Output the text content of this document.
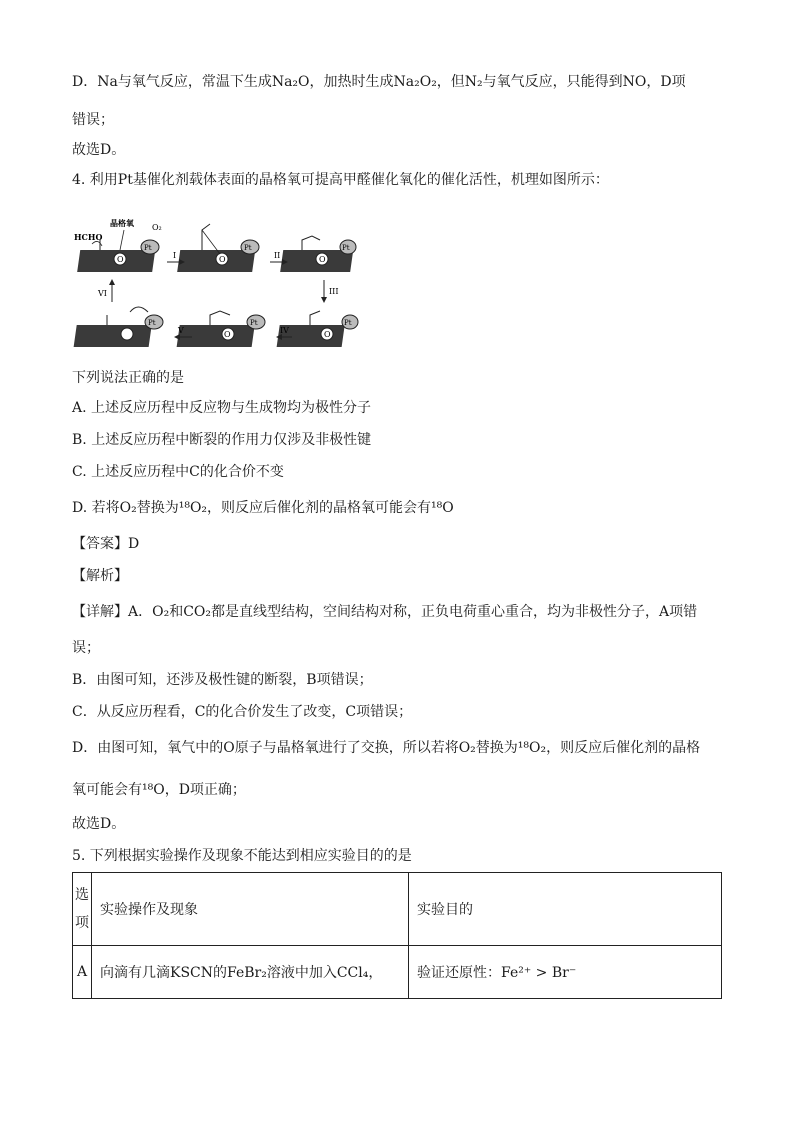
D．Na与氧气反应，常温下生成Na₂O，加热时生成Na₂O₂，但N₂与氧气反应，只能得到NO，D项
错误；
故选D。
4. 利用Pt基催化剂载体表面的晶格氧可提高甲醛催化氧化的催化活性，机理如图所示：
O	O	O
O	O
Pt	Pt	Pt
Pt	Pt	Pt
HCHO
晶格氧 O₂
I	II
III
IV
V
VI
下列说法正确的是
A. 上述反应历程中反应物与生成物均为极性分子
B. 上述反应历程中断裂的作用力仅涉及非极性键
C. 上述反应历程中C的化合价不变
D. 若将O₂替换为¹⁸O₂，则反应后催化剂的晶格氧可能会有¹⁸O
【答案】D
【解析】
【详解】A．O₂和CO₂都是直线型结构，空间结构对称，正负电荷重心重合，均为非极性分子，A项错
误；
B．由图可知，还涉及极性键的断裂，B项错误；
C．从反应历程看，C的化合价发生了改变，C项错误；
D．由图可知，氧气中的O原子与晶格氧进行了交换，所以若将O₂替换为¹⁸O₂，则反应后催化剂的晶格
氧可能会有¹⁸O，D项正确；
故选D。
5. 下列根据实验操作及现象不能达到相应实验目的的是
选项	实验操作及现象	实验目的
A	向滴有几滴KSCN的FeBr₂溶液中加入CCl₄，	验证还原性：Fe²⁺ > Br⁻
